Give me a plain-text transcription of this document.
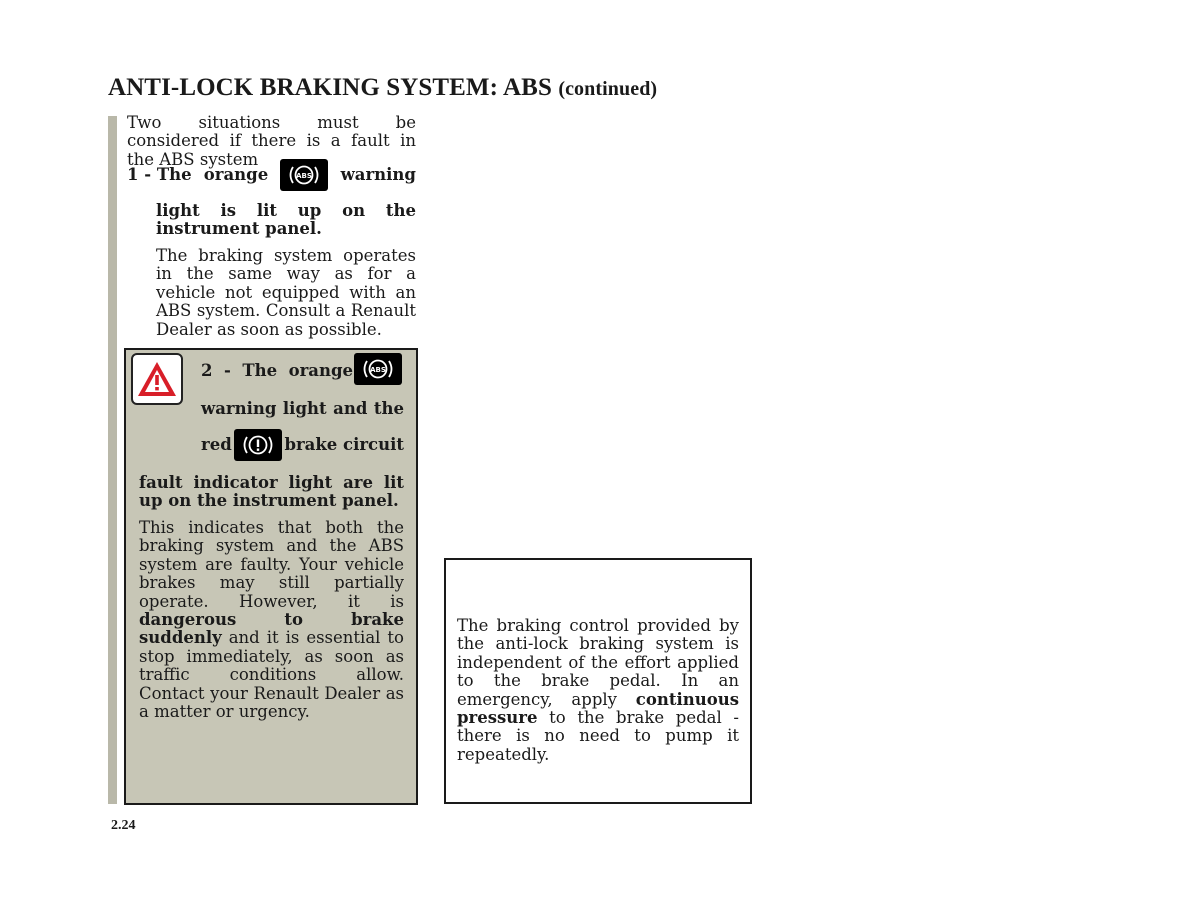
ANTI-LOCK BRAKING SYSTEM: ABS (continued)

Two situations must be considered if there is a fault in the ABS system

1 - The orange	ABS warning

light is lit up on the instrument panel.

The braking system operates in the same way as for a vehicle not equipped with an ABS system. Consult a Renault Dealer as soon as possible.

2 - The orange ABS
warning light and the
red	brake circuit

fault indicator light are lit up on the instrument panel.

This indicates that both the braking system and the ABS system are faulty. Your vehicle brakes may still partially operate. However, it is dangerous to brake suddenly and it is essential to stop immediately, as soon as traffic conditions allow. Contact your Renault Dealer as a matter or urgency.

The braking control provided by the anti-lock braking system is independent of the effort applied to the brake pedal. In an emergency, apply continuous pressure to the brake pedal - there is no need to pump it repeatedly.

2.24
